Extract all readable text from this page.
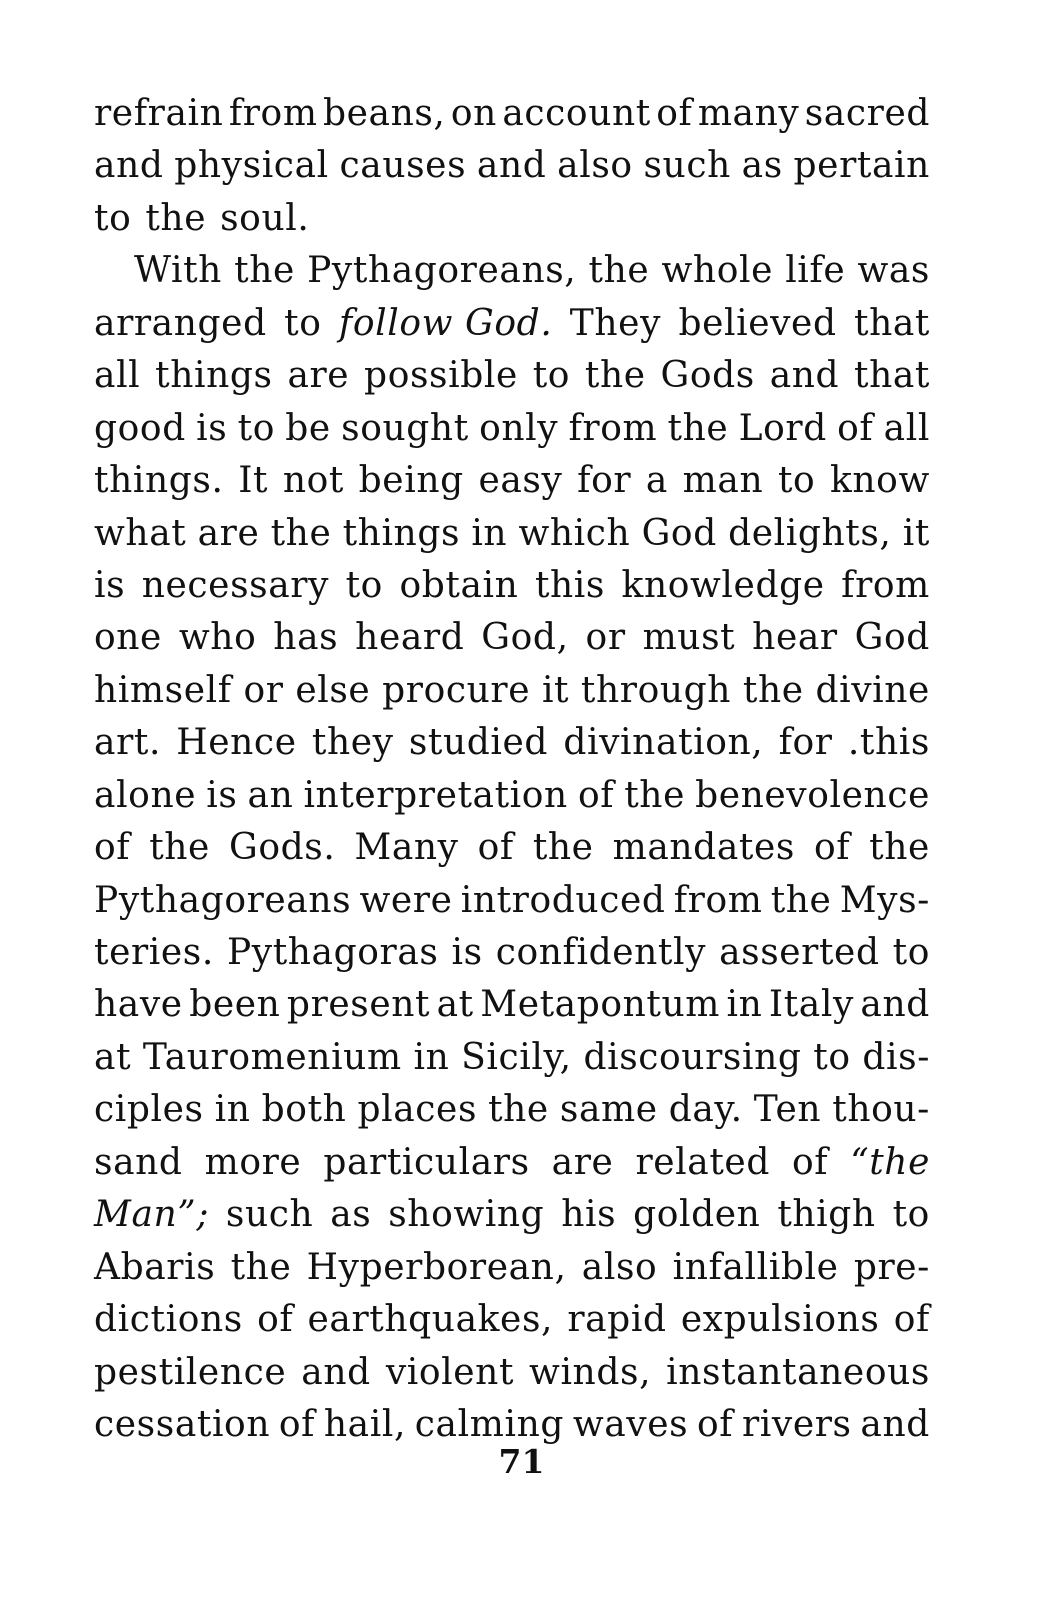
refrain from beans, on account of many sacred
and physical causes and also such as pertain
to the soul.
With the Pythagoreans, the whole life was
arranged to follow God. They believed that
all things are possible to the Gods and that
good is to be sought only from the Lord of all
things. It not being easy for a man to know
what are the things in which God delights, it
is necessary to obtain this knowledge from
one who has heard God, or must hear God
himself or else procure it through the divine
art. Hence they studied divination, for .this
alone is an interpretation of the benevolence
of the Gods. Many of the mandates of the
Pythagoreans were introduced from the Mys-
teries. Pythagoras is confidently asserted to
have been present at Metapontum in Italy and
at Tauromenium in Sicily, discoursing to dis-
ciples in both places the same day. Ten thou-
sand more particulars are related of “the
Man”; such as showing his golden thigh to
Abaris the Hyperborean, also infallible pre-
dictions of earthquakes, rapid expulsions of
pestilence and violent winds, instantaneous
cessation of hail, calming waves of rivers and
71
